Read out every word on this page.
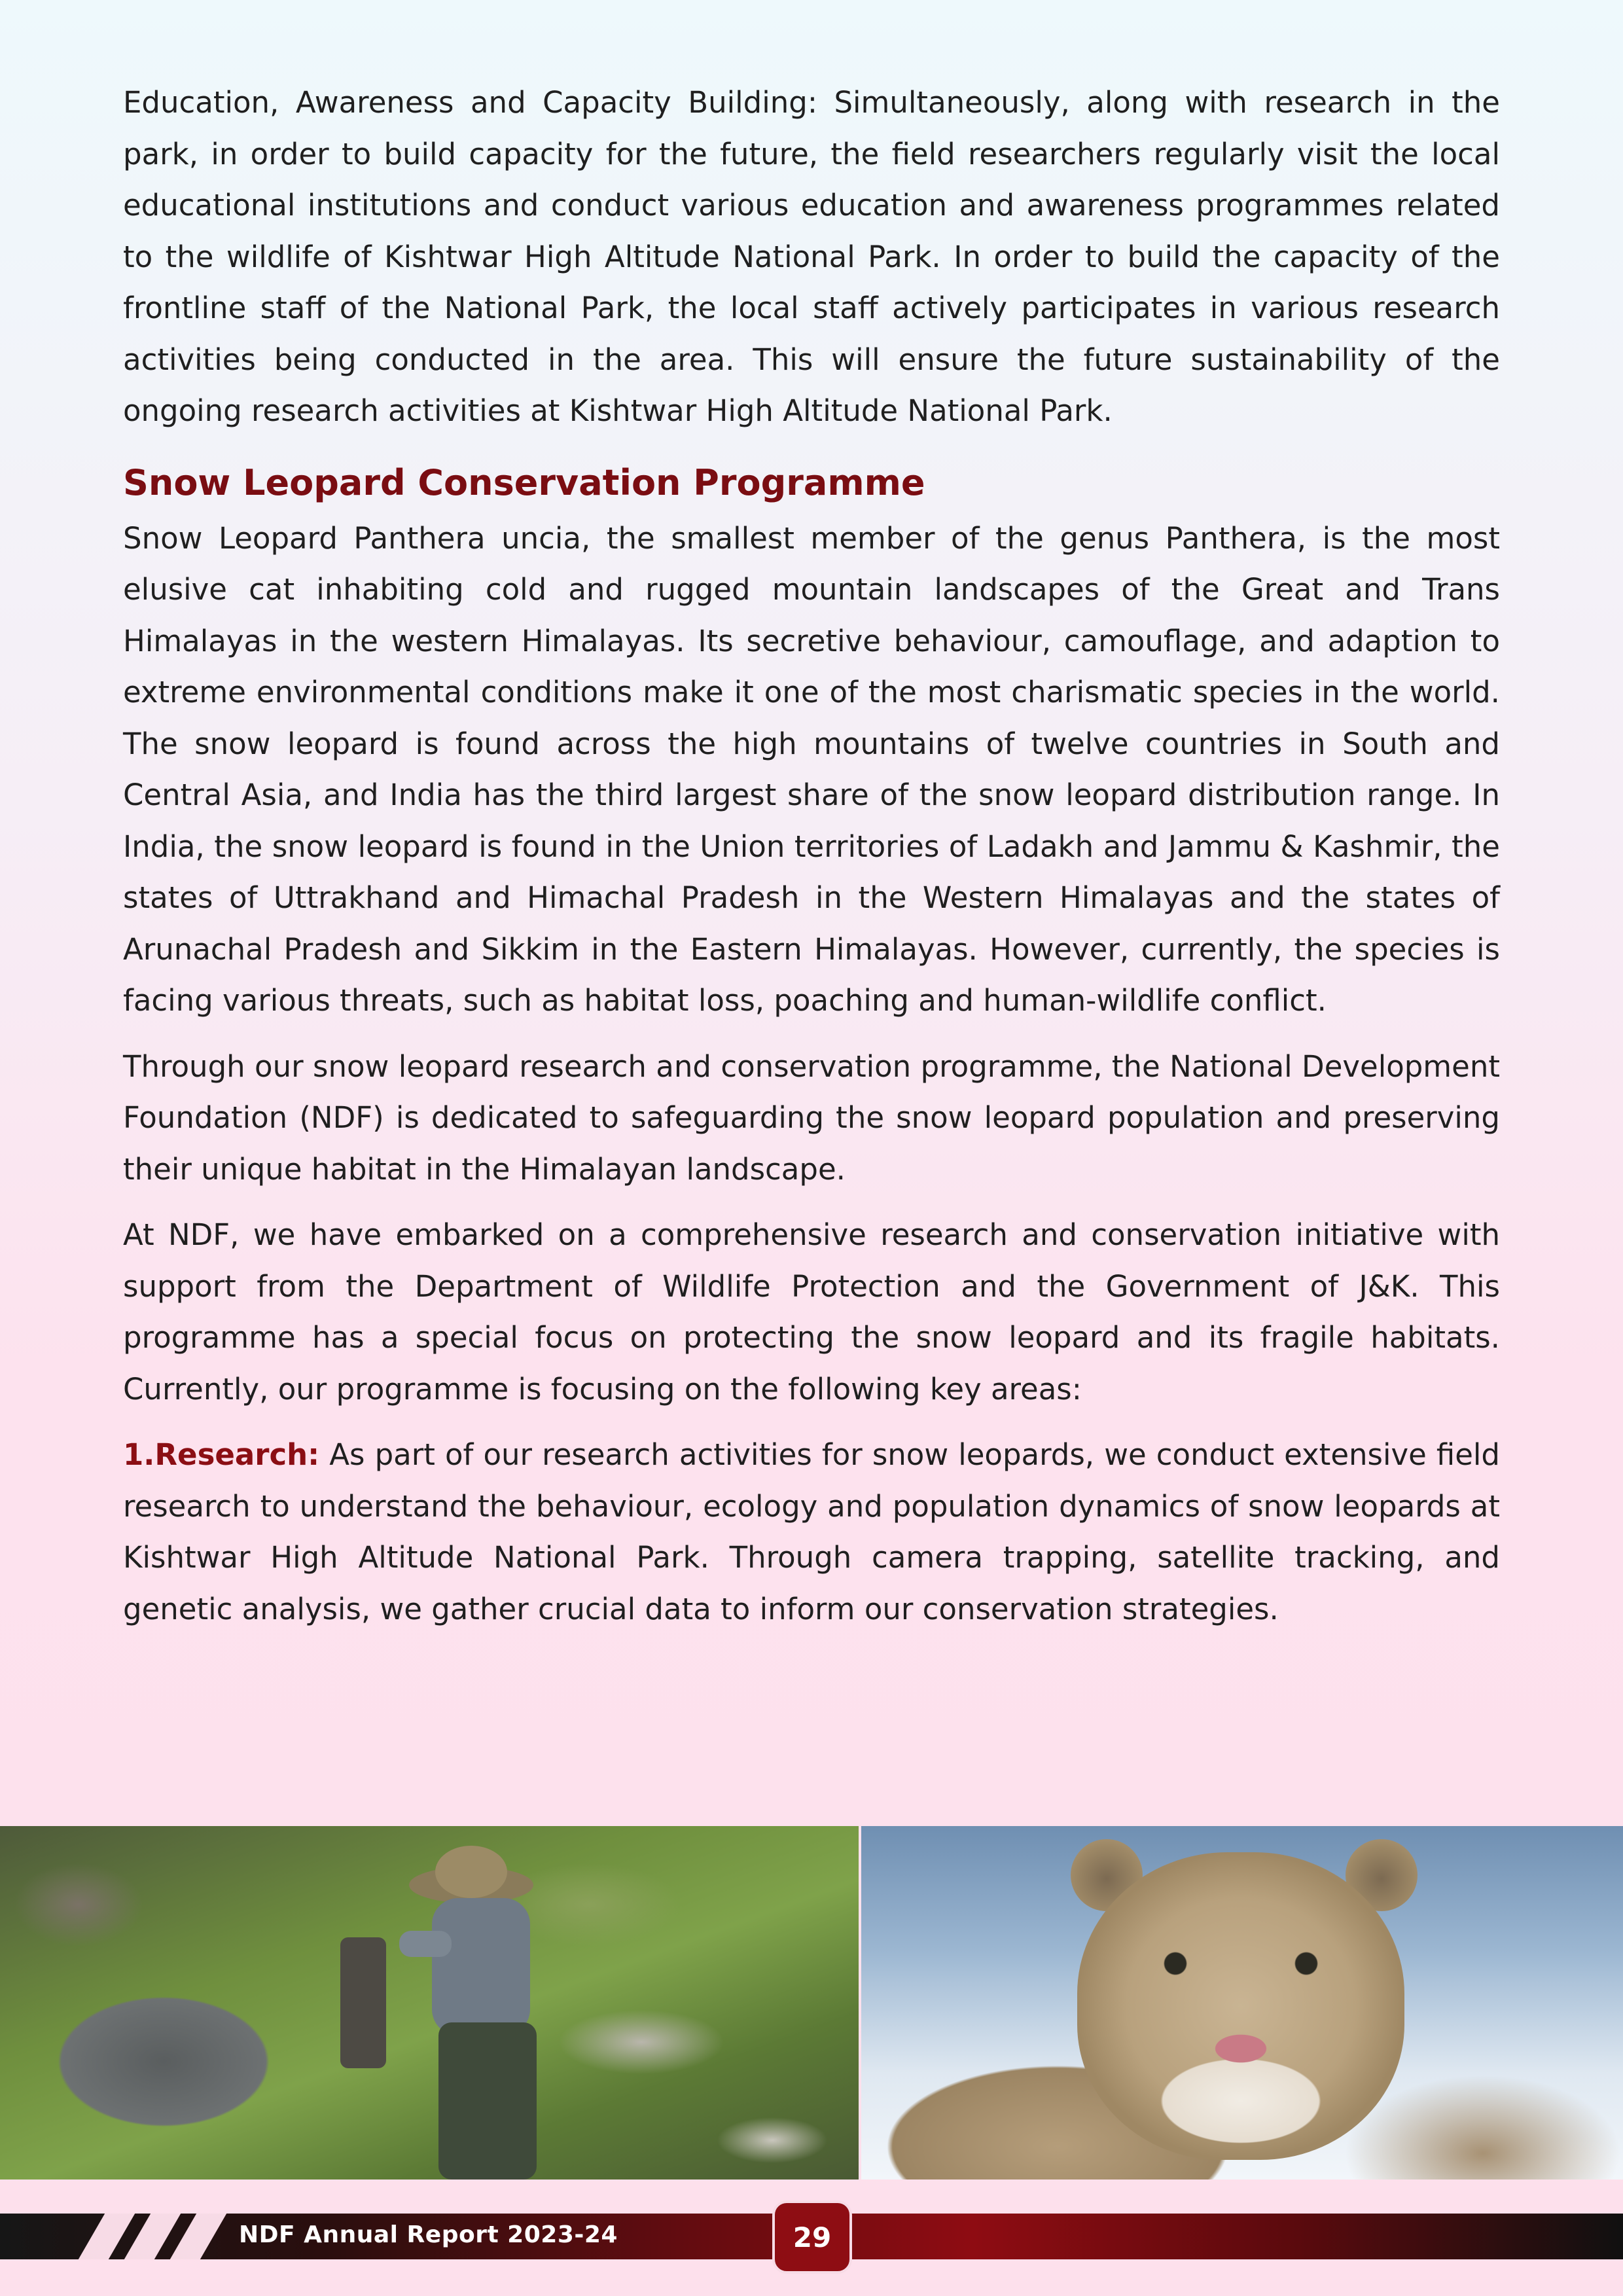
Education, Awareness and Capacity Building: Simultaneously, along with research in the park, in order to build capacity for the future, the field researchers regularly visit the local educational institutions and conduct various education and awareness programmes related to the wildlife of Kishtwar High Altitude National Park. In order to build the capacity of the frontline staff of the National Park, the local staff actively participates in various research activities being conducted in the area. This will ensure the future sustainability of the ongoing research activities at Kishtwar High Altitude National Park.

Snow Leopard Conservation Programme

Snow Leopard Panthera uncia, the smallest member of the genus Panthera, is the most elusive cat inhabiting cold and rugged mountain landscapes of the Great and Trans Himalayas in the western Himalayas. Its secretive behaviour, camouflage, and adaption to extreme environmental conditions make it one of the most charismatic species in the world. The snow leopard is found across the high mountains of twelve countries in South and Central Asia, and India has the third largest share of the snow leopard distribution range. In India, the snow leopard is found in the Union territories of Ladakh and Jammu & Kashmir, the states of Uttrakhand and Himachal Pradesh in the Western Himalayas and the states of Arunachal Pradesh and Sikkim in the Eastern Himalayas. However, currently, the species is facing various threats, such as habitat loss, poaching and human-wildlife conflict.

Through our snow leopard research and conservation programme, the National Development Foundation (NDF) is dedicated to safeguarding the snow leopard population and preserving their unique habitat in the Himalayan landscape.

At NDF, we have embarked on a comprehensive research and conservation initiative with support from the Department of Wildlife Protection and the Government of J&K. This programme has a special focus on protecting the snow leopard and its fragile habitats. Currently, our programme is focusing on the following key areas:

1.Research: As part of our research activities for snow leopards, we conduct extensive field research to understand the behaviour, ecology and population dynamics of snow leopards at Kishtwar High Altitude National Park. Through camera trapping, satellite tracking, and genetic analysis, we gather crucial data to inform our conservation strategies.

NDF Annual Report 2023-24	29
